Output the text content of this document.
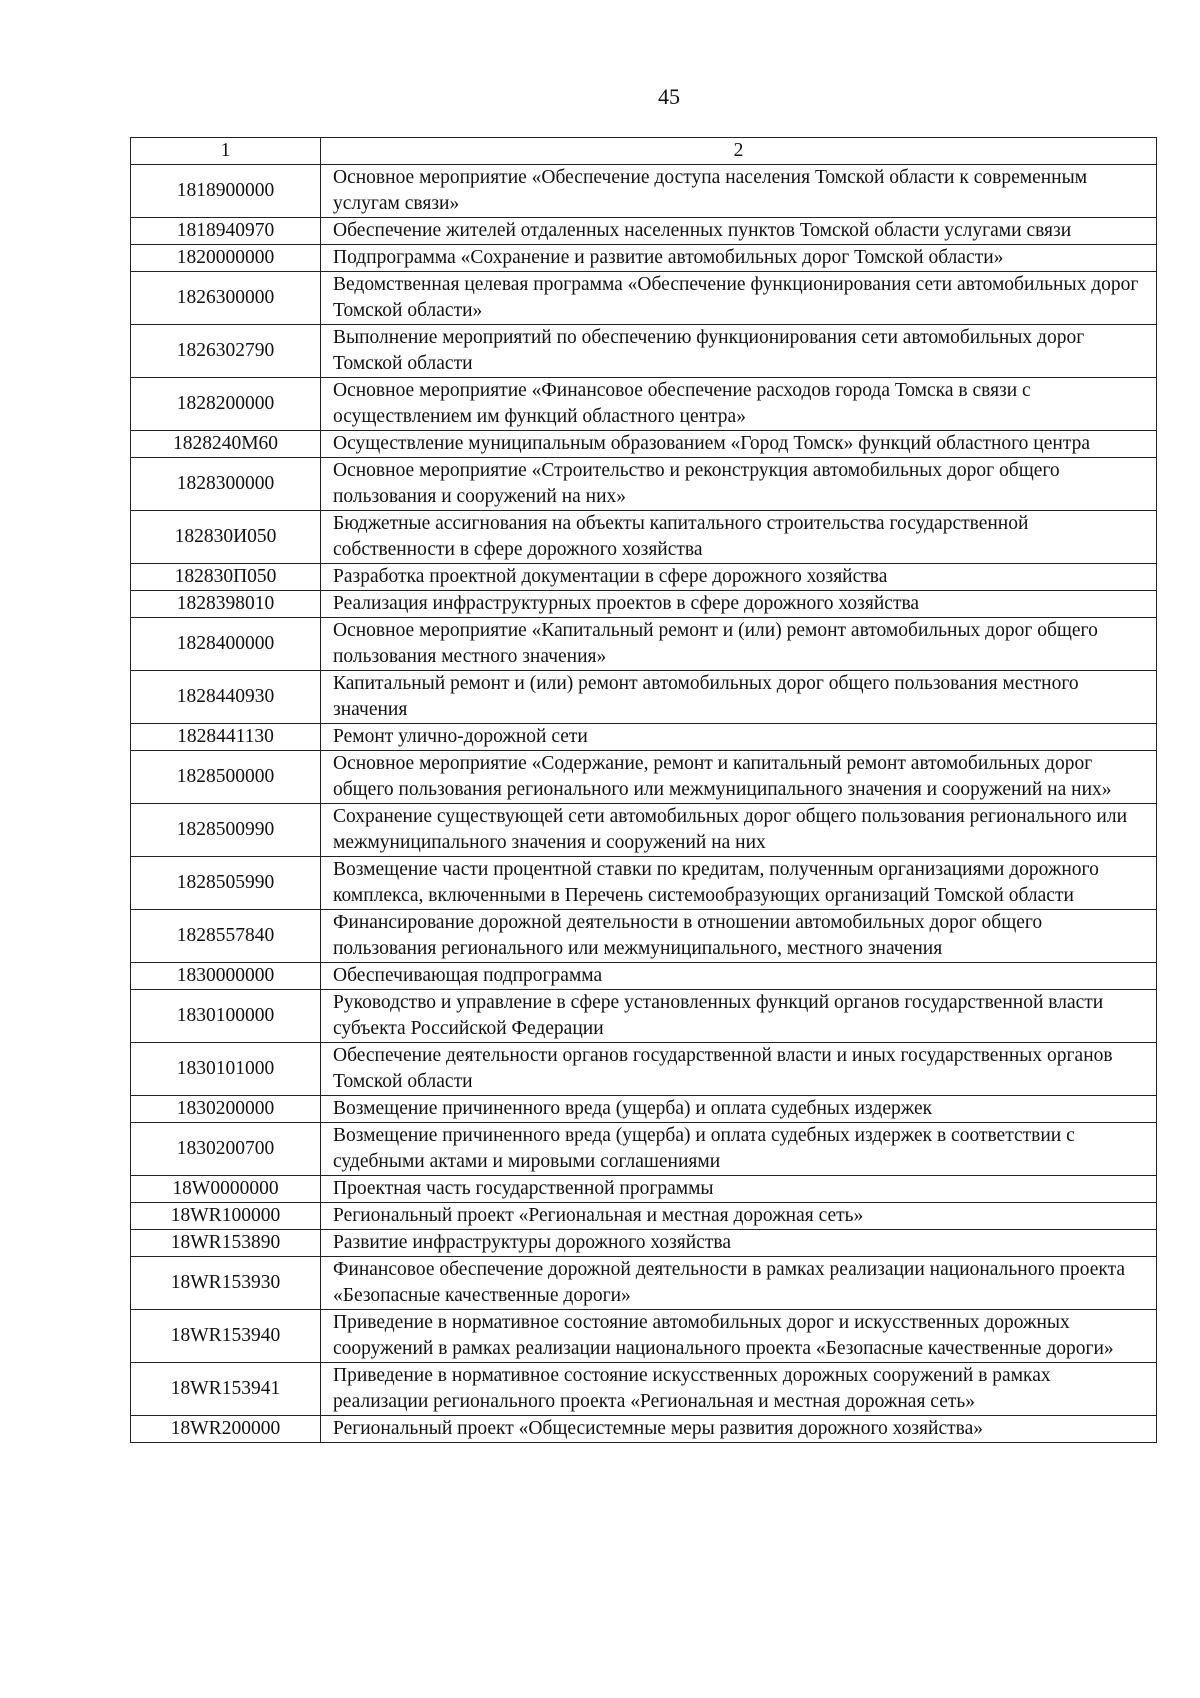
45
1	2
1818900000	Основное мероприятие «Обеспечение доступа населения Томской области к современным услугам связи»
1818940970	Обеспечение жителей отдаленных населенных пунктов Томской области услугами связи
1820000000	Подпрограмма «Сохранение и развитие автомобильных дорог Томской области»
1826300000	Ведомственная целевая программа «Обеспечение функционирования сети автомобильных дорог Томской области»
1826302790	Выполнение мероприятий по обеспечению функционирования сети автомобильных дорог Томской области
1828200000	Основное мероприятие «Финансовое обеспечение расходов города Томска в связи с осуществлением им функций областного центра»
1828240М60	Осуществление муниципальным образованием «Город Томск» функций областного центра
1828300000	Основное мероприятие «Строительство и реконструкция автомобильных дорог общего пользования и сооружений на них»
182830И050	Бюджетные ассигнования на объекты капитального строительства государственной собственности в сфере дорожного хозяйства
182830П050	Разработка проектной документации в сфере дорожного хозяйства
1828398010	Реализация инфраструктурных проектов в сфере дорожного хозяйства
1828400000	Основное мероприятие «Капитальный ремонт и (или) ремонт автомобильных дорог общего пользования местного значения»
1828440930	Капитальный ремонт и (или) ремонт автомобильных дорог общего пользования местного значения
1828441130	Ремонт улично-дорожной сети
1828500000	Основное мероприятие «Содержание, ремонт и капитальный ремонт автомобильных дорог общего пользования регионального или межмуниципального значения и сооружений на них»
1828500990	Сохранение существующей сети автомобильных дорог общего пользования регионального или межмуниципального значения и сооружений на них
1828505990	Возмещение части процентной ставки по кредитам, полученным организациями дорожного комплекса, включенными в Перечень системообразующих организаций Томской области
1828557840	Финансирование дорожной деятельности в отношении автомобильных дорог общего пользования регионального или межмуниципального, местного значения
1830000000	Обеспечивающая подпрограмма
1830100000	Руководство и управление в сфере установленных функций органов государственной власти субъекта Российской Федерации
1830101000	Обеспечение деятельности органов государственной власти и иных государственных органов Томской области
1830200000	Возмещение причиненного вреда (ущерба) и оплата судебных издержек
1830200700	Возмещение причиненного вреда (ущерба) и оплата судебных издержек в соответствии с судебными актами и мировыми соглашениями
18W0000000	Проектная часть государственной программы
18WR100000	Региональный проект «Региональная и местная дорожная сеть»
18WR153890	Развитие инфраструктуры дорожного хозяйства
18WR153930	Финансовое обеспечение дорожной деятельности в рамках реализации национального проекта «Безопасные качественные дороги»
18WR153940	Приведение в нормативное состояние автомобильных дорог и искусственных дорожных сооружений в рамках реализации национального проекта «Безопасные качественные дороги»
18WR153941	Приведение в нормативное состояние искусственных дорожных сооружений в рамках реализации регионального проекта «Региональная и местная дорожная сеть»
18WR200000	Региональный проект «Общесистемные меры развития дорожного хозяйства»
